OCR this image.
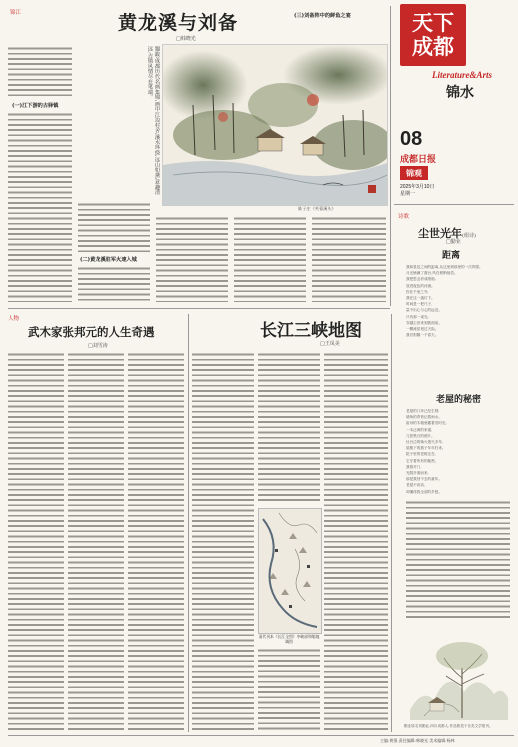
锦江	黄龙溪与刘备
□韩晓光
(一)江下游的古驿镇	题跋:成都历代名画集锦,画中江边村舍,溪水环绕,远山如黛,意趣清远,古镇风情尽在笔端。
陈子庄《芙蓉溪头》
(二)黄龙溪驻军火速入城
(三)刘备阵中的鲜鱼之宴	天下成都
Literature&Arts
锦水
08
成都日报
锦观
2025年3月10日
星期一
诗歌
尘世光年(组诗)
□勤业
距离
我和星辰之间的距离,从这里到那里的一次仰望。
月光铺满了窗台,风在树梢低语。
我把思念折成纸船,
放进夜色的河流。
你在千里之外,
我在这一盏灯下。
时间是一把尺子,
量不出心与心的远近。
只有那一束光,
穿越尘世来到我面前。
一颗流星划过天际。
我们相隔一个春天。
老屋的秘密
老屋的门环已经生锈,
墙角的青苔记着雨水。
祖母的木箱里藏着旧时光,
一本泛黄的家谱,
几张黑白的照片。
灶台边的柴火熄灭多年,
屋檐下的燕子年年归来。
院子里的老树还在,
它守着所有的秘密。
我推开门,
光阴扑面而来,
那是我回不去的童年。
老屋不说话,
却懂得我全部的乡愁。
勤业原名刘勤业,四川成都人,作品散见于各类文学报刊。
人物
武木家张邦元的人生奇遇
□刘雪涛
长江三峡地图
□王凤美
清代刊本《长江全图》中峡部和缩地域图
主编:黄强 责任编辑:韩晓光 美术编辑:杨林
